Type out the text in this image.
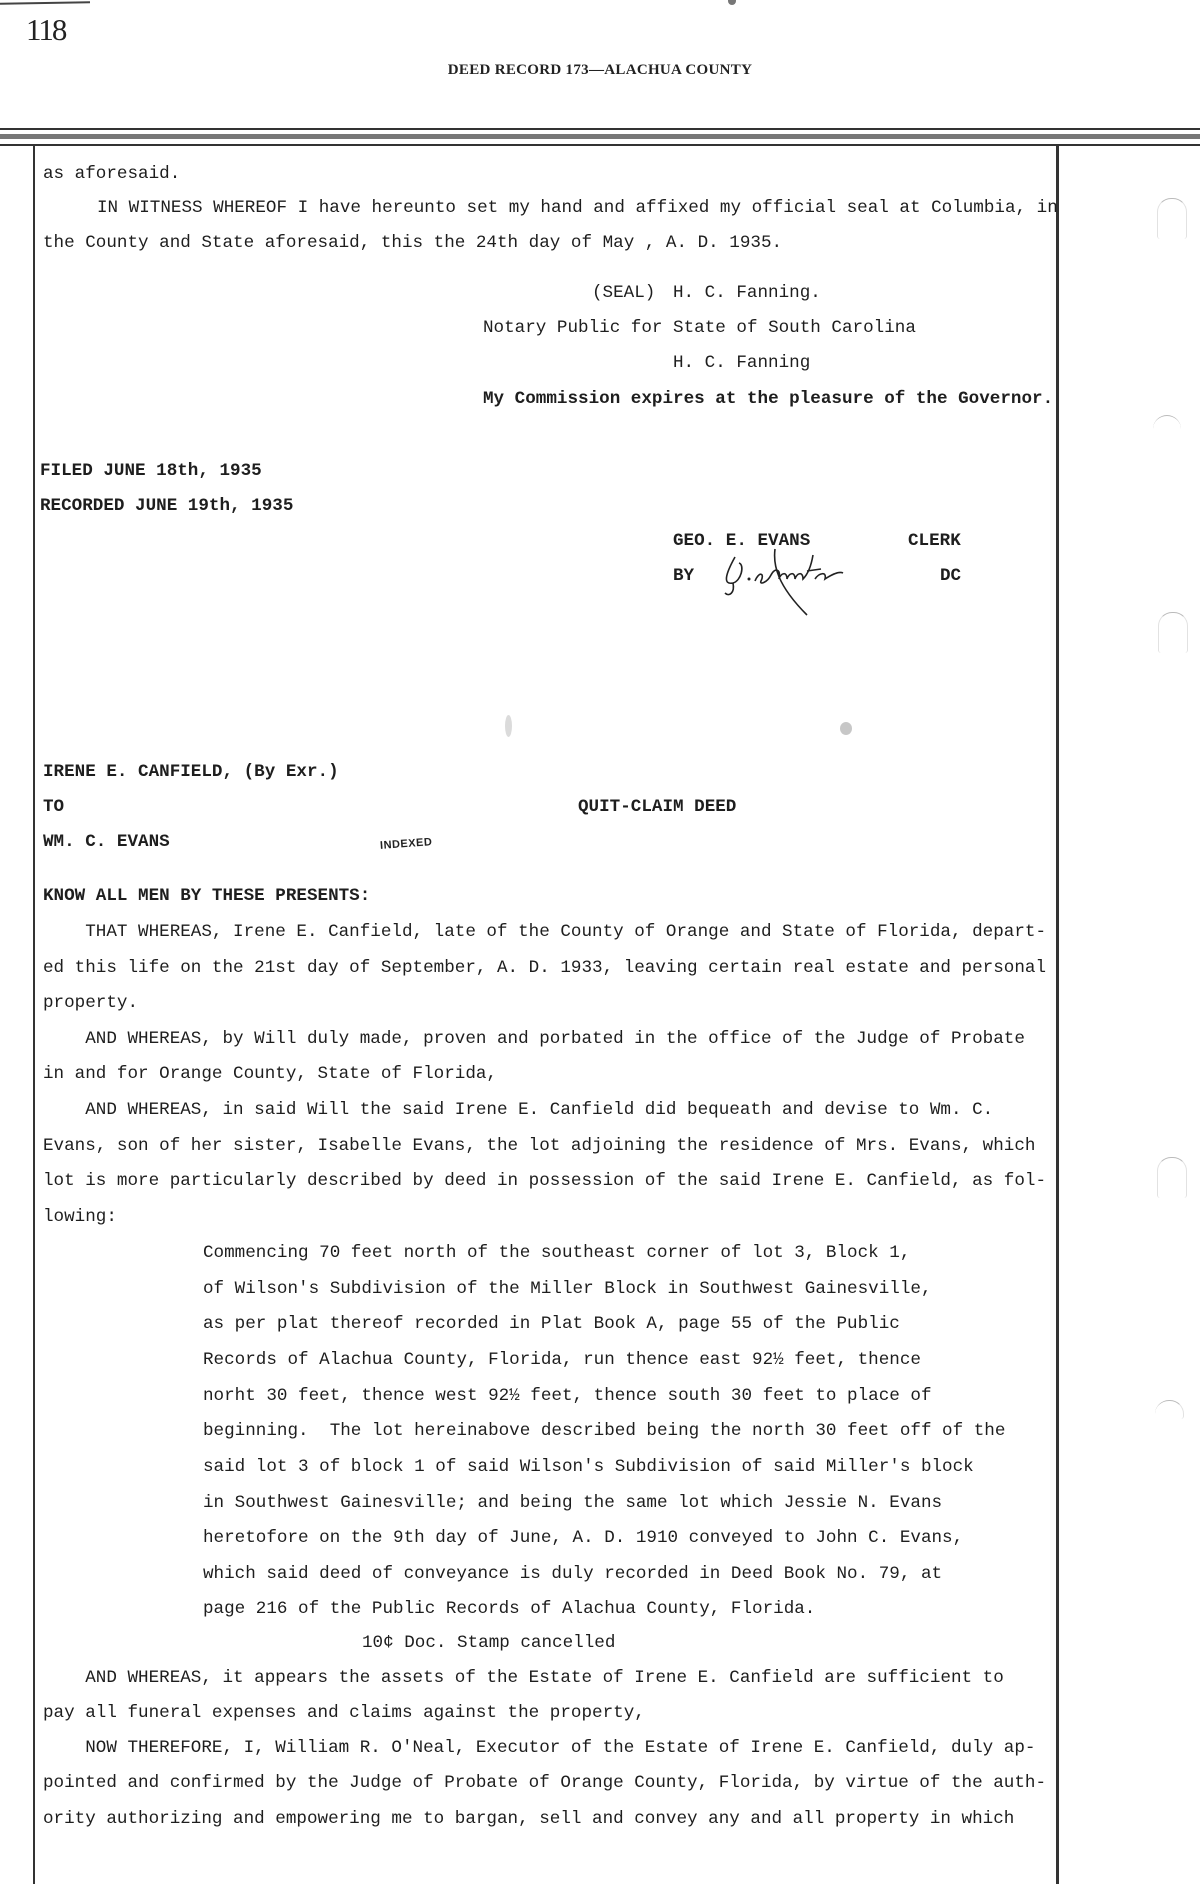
118
DEED RECORD 173—ALACHUA COUNTY
as aforesaid.
IN WITNESS WHEREOF I have hereunto set my hand and affixed my official seal at Columbia, in
the County and State aforesaid, this the 24th day of May , A. D. 1935.
(SEAL) H. C. Fanning.
Notary Public for State of South Carolina
H. C. Fanning
My Commission expires at the pleasure of the Governor.
FILED JUNE 18th, 1935
RECORDED JUNE 19th, 1935
GEO. E. EVANS	CLERK
BY	DC
IRENE E. CANFIELD, (By Exr.)
TO	QUIT-CLAIM DEED
WM. C. EVANS	INDEXED
KNOW ALL MEN BY THESE PRESENTS:
THAT WHEREAS, Irene E. Canfield, late of the County of Orange and State of Florida, depart-
ed this life on the 21st day of September, A. D. 1933, leaving certain real estate and personal
property.
AND WHEREAS, by Will duly made, proven and porbated in the office of the Judge of Probate
in and for Orange County, State of Florida,
AND WHEREAS, in said Will the said Irene E. Canfield did bequeath and devise to Wm. C.
Evans, son of her sister, Isabelle Evans, the lot adjoining the residence of Mrs. Evans, which
lot is more particularly described by deed in possession of the said Irene E. Canfield, as fol-
lowing:
Commencing 70 feet north of the southeast corner of lot 3, Block 1,
of Wilson's Subdivision of the Miller Block in Southwest Gainesville,
as per plat thereof recorded in Plat Book A, page 55 of the Public
Records of Alachua County, Florida, run thence east 92½ feet, thence
norht 30 feet, thence west 92½ feet, thence south 30 feet to place of
beginning.  The lot hereinabove described being the north 30 feet off of the
said lot 3 of block 1 of said Wilson's Subdivision of said Miller's block
in Southwest Gainesville; and being the same lot which Jessie N. Evans
heretofore on the 9th day of June, A. D. 1910 conveyed to John C. Evans,
which said deed of conveyance is duly recorded in Deed Book No. 79, at
page 216 of the Public Records of Alachua County, Florida.
10¢ Doc. Stamp cancelled
AND WHEREAS, it appears the assets of the Estate of Irene E. Canfield are sufficient to
pay all funeral expenses and claims against the property,
NOW THEREFORE, I, William R. O'Neal, Executor of the Estate of Irene E. Canfield, duly ap-
pointed and confirmed by the Judge of Probate of Orange County, Florida, by virtue of the auth-
ority authorizing and empowering me to bargan, sell and convey any and all property in which
